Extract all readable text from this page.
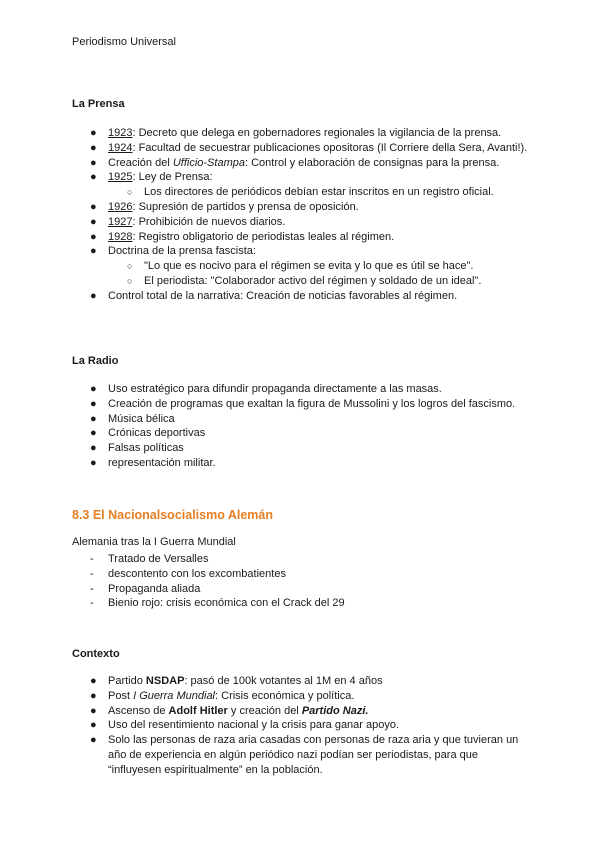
Periodismo Universal
La Prensa
● 1923: Decreto que delega en gobernadores regionales la vigilancia de la prensa.
● 1924: Facultad de secuestrar publicaciones opositoras (Il Corriere della Sera, Avanti!).
● Creación del Ufficio-Stampa: Control y elaboración de consignas para la prensa.
● 1925: Ley de Prensa:
○ Los directores de periódicos debían estar inscritos en un registro oficial.
● 1926: Supresión de partidos y prensa de oposición.
● 1927: Prohibición de nuevos diarios.
● 1928: Registro obligatorio de periodistas leales al régimen.
● Doctrina de la prensa fascista:
○ "Lo que es nocivo para el régimen se evita y lo que es útil se hace".
○ El periodista: "Colaborador activo del régimen y soldado de un ideal".
● Control total de la narrativa: Creación de noticias favorables al régimen.
La Radio
● Uso estratégico para difundir propaganda directamente a las masas.
● Creación de programas que exaltan la figura de Mussolini y los logros del fascismo.
● Música bélica
● Crónicas deportivas
● Falsas políticas
● representación militar.
8.3 El Nacionalsocialismo Alemán
Alemania tras la I Guerra Mundial
- Tratado de Versalles
- descontento con los excombatientes
- Propaganda aliada
- Bienio rojo: crisis económica con el Crack del 29
Contexto
● Partido NSDAP: pasó de 100k votantes al 1M en 4 años
● Post I Guerra Mundial: Crisis económica y política.
● Ascenso de Adolf Hitler y creación del Partido Nazi.
● Uso del resentimiento nacional y la crisis para ganar apoyo.
● Solo las personas de raza aria casadas con personas de raza aria y que tuvieran un año de experiencia en algún periódico nazi podían ser periodistas, para que “influyesen espiritualmente” en la población.
